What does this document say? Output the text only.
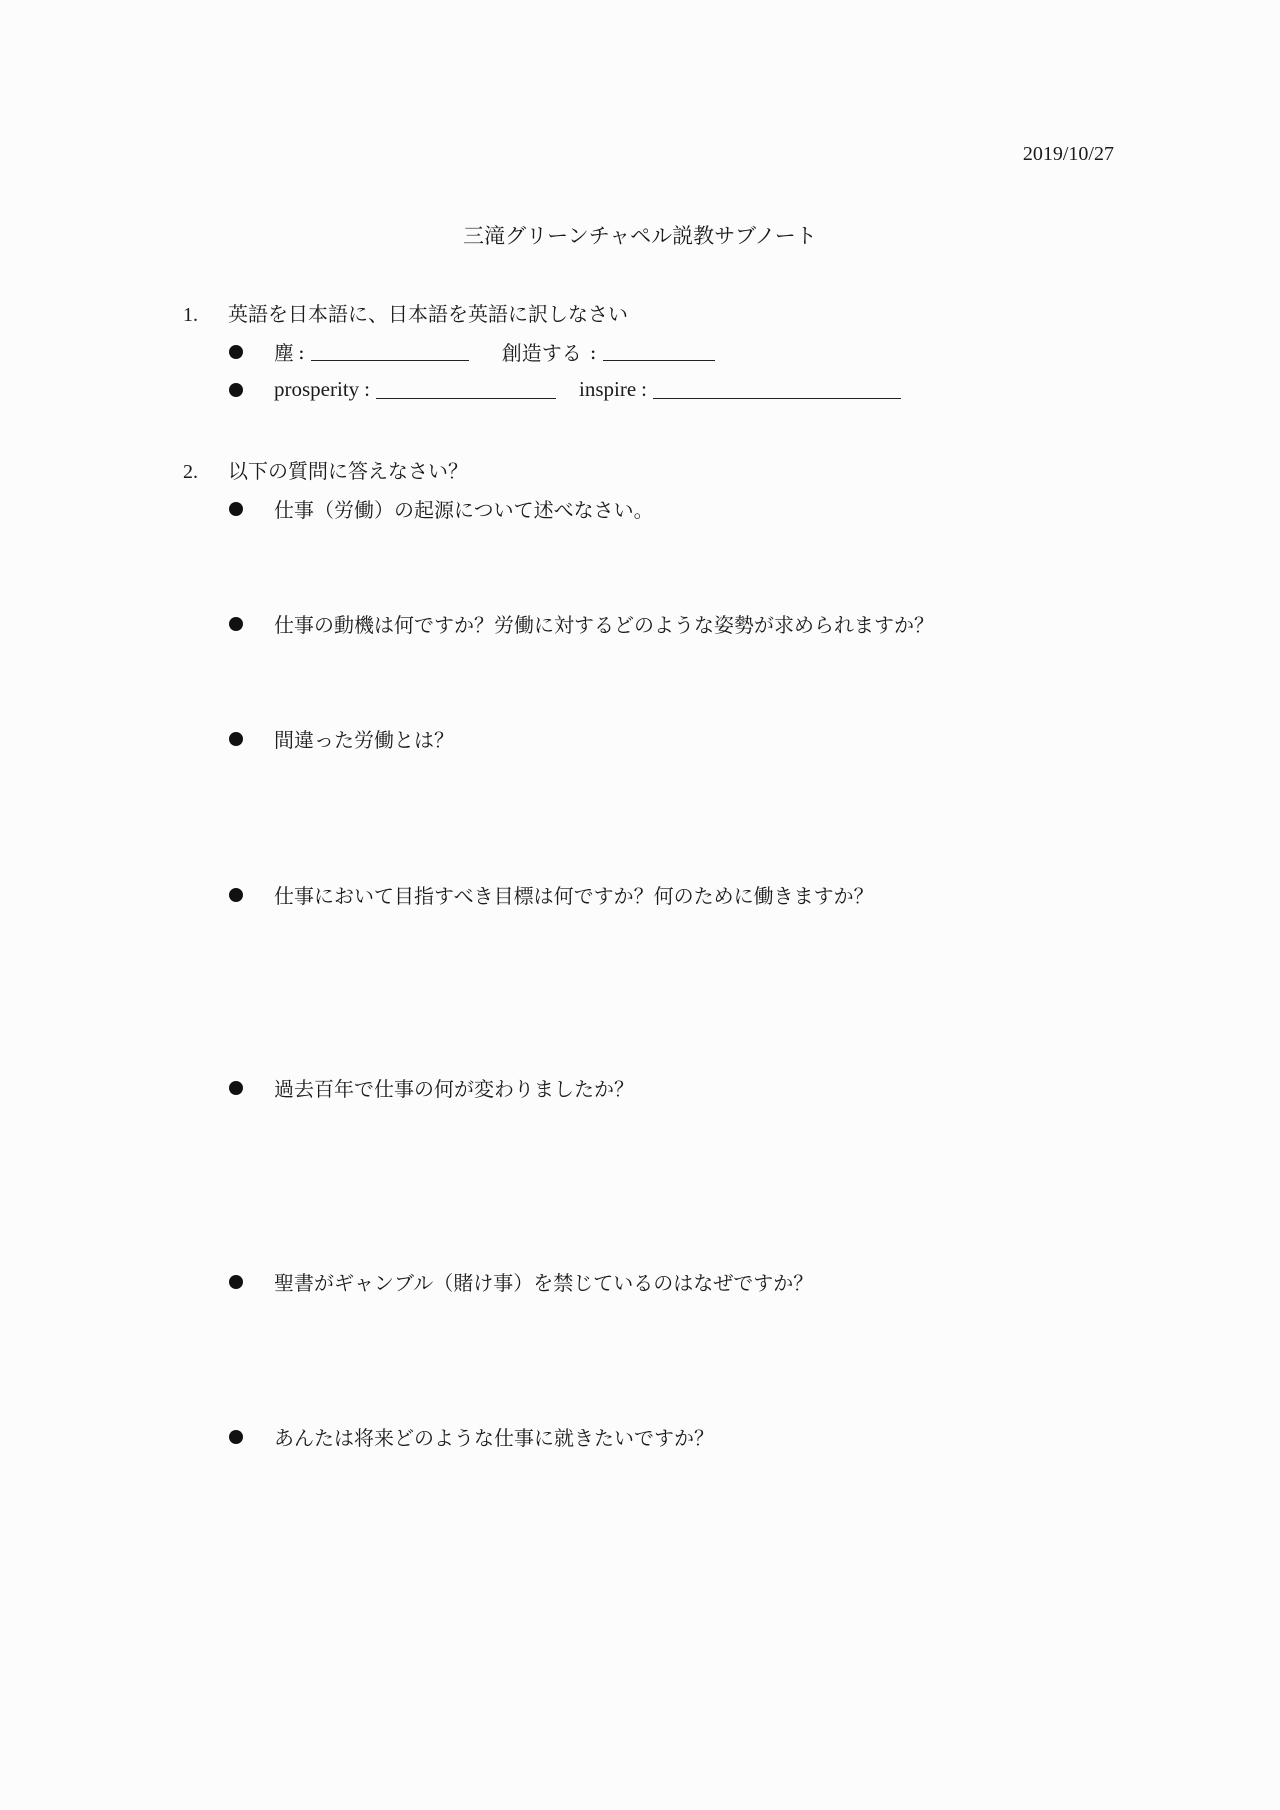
2019/10/27
三滝グリーンチャペル説教サブノート
1.	英語を日本語に、日本語を英語に訳しなさい
塵 :	創造する :
prosperity :	inspire :
2.	以下の質問に答えなさい？
仕事（労働）の起源について述べなさい。
仕事の動機は何ですか？労働に対するどのような姿勢が求められますか？
間違った労働とは？
仕事において目指すべき目標は何ですか？何のために働きますか？
過去百年で仕事の何が変わりましたか？
聖書がギャンブル（賭け事）を禁じているのはなぜですか？
あんたは将来どのような仕事に就きたいですか？
